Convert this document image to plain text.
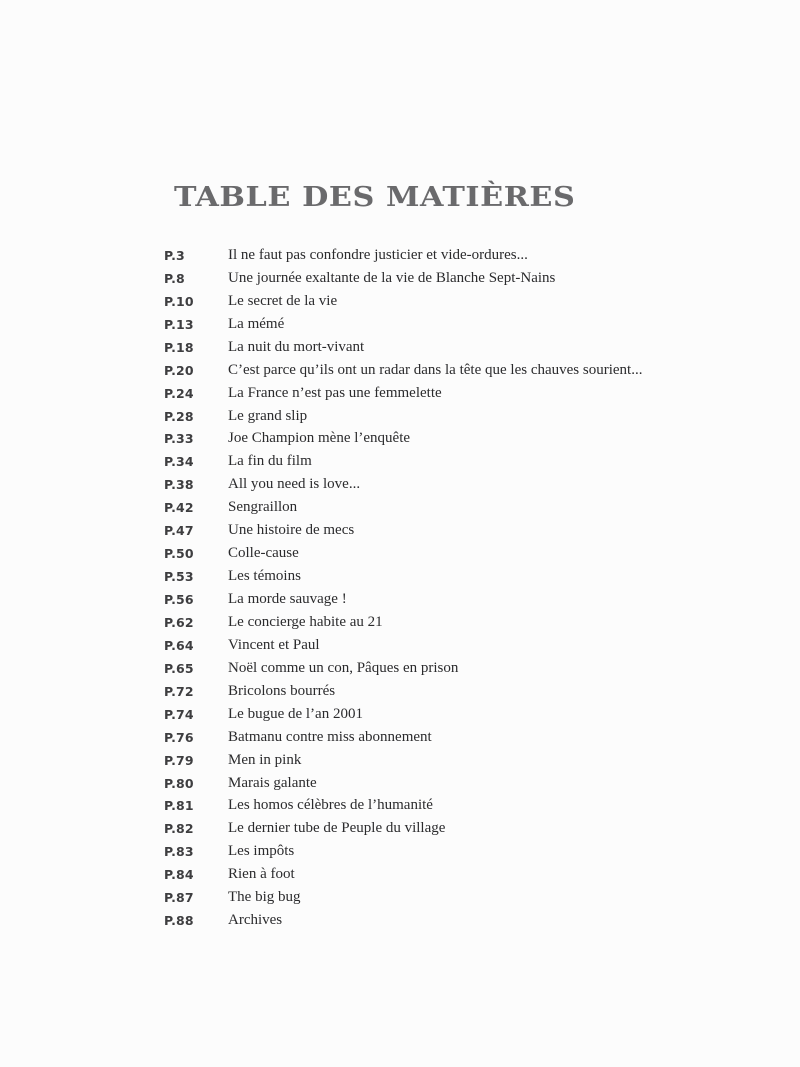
TABLE DES MATIÈRES
P.3	Il ne faut pas confondre justicier et vide-ordures...
P.8	Une journée exaltante de la vie de Blanche Sept-Nains
P.10	Le secret de la vie
P.13	La mémé
P.18	La nuit du mort-vivant
P.20	C’est parce qu’ils ont un radar dans la tête que les chauves sourient...
P.24	La France n’est pas une femmelette
P.28	Le grand slip
P.33	Joe Champion mène l’enquête
P.34	La fin du film
P.38	All you need is love...
P.42	Sengraillon
P.47	Une histoire de mecs
P.50	Colle-cause
P.53	Les témoins
P.56	La morde sauvage !
P.62	Le concierge habite au 21
P.64	Vincent et Paul
P.65	Noël comme un con, Pâques en prison
P.72	Bricolons bourrés
P.74	Le bugue de l’an 2001
P.76	Batmanu contre miss abonnement
P.79	Men in pink
P.80	Marais galante
P.81	Les homos célèbres de l’humanité
P.82	Le dernier tube de Peuple du village
P.83	Les impôts
P.84	Rien à foot
P.87	The big bug
P.88	Archives
